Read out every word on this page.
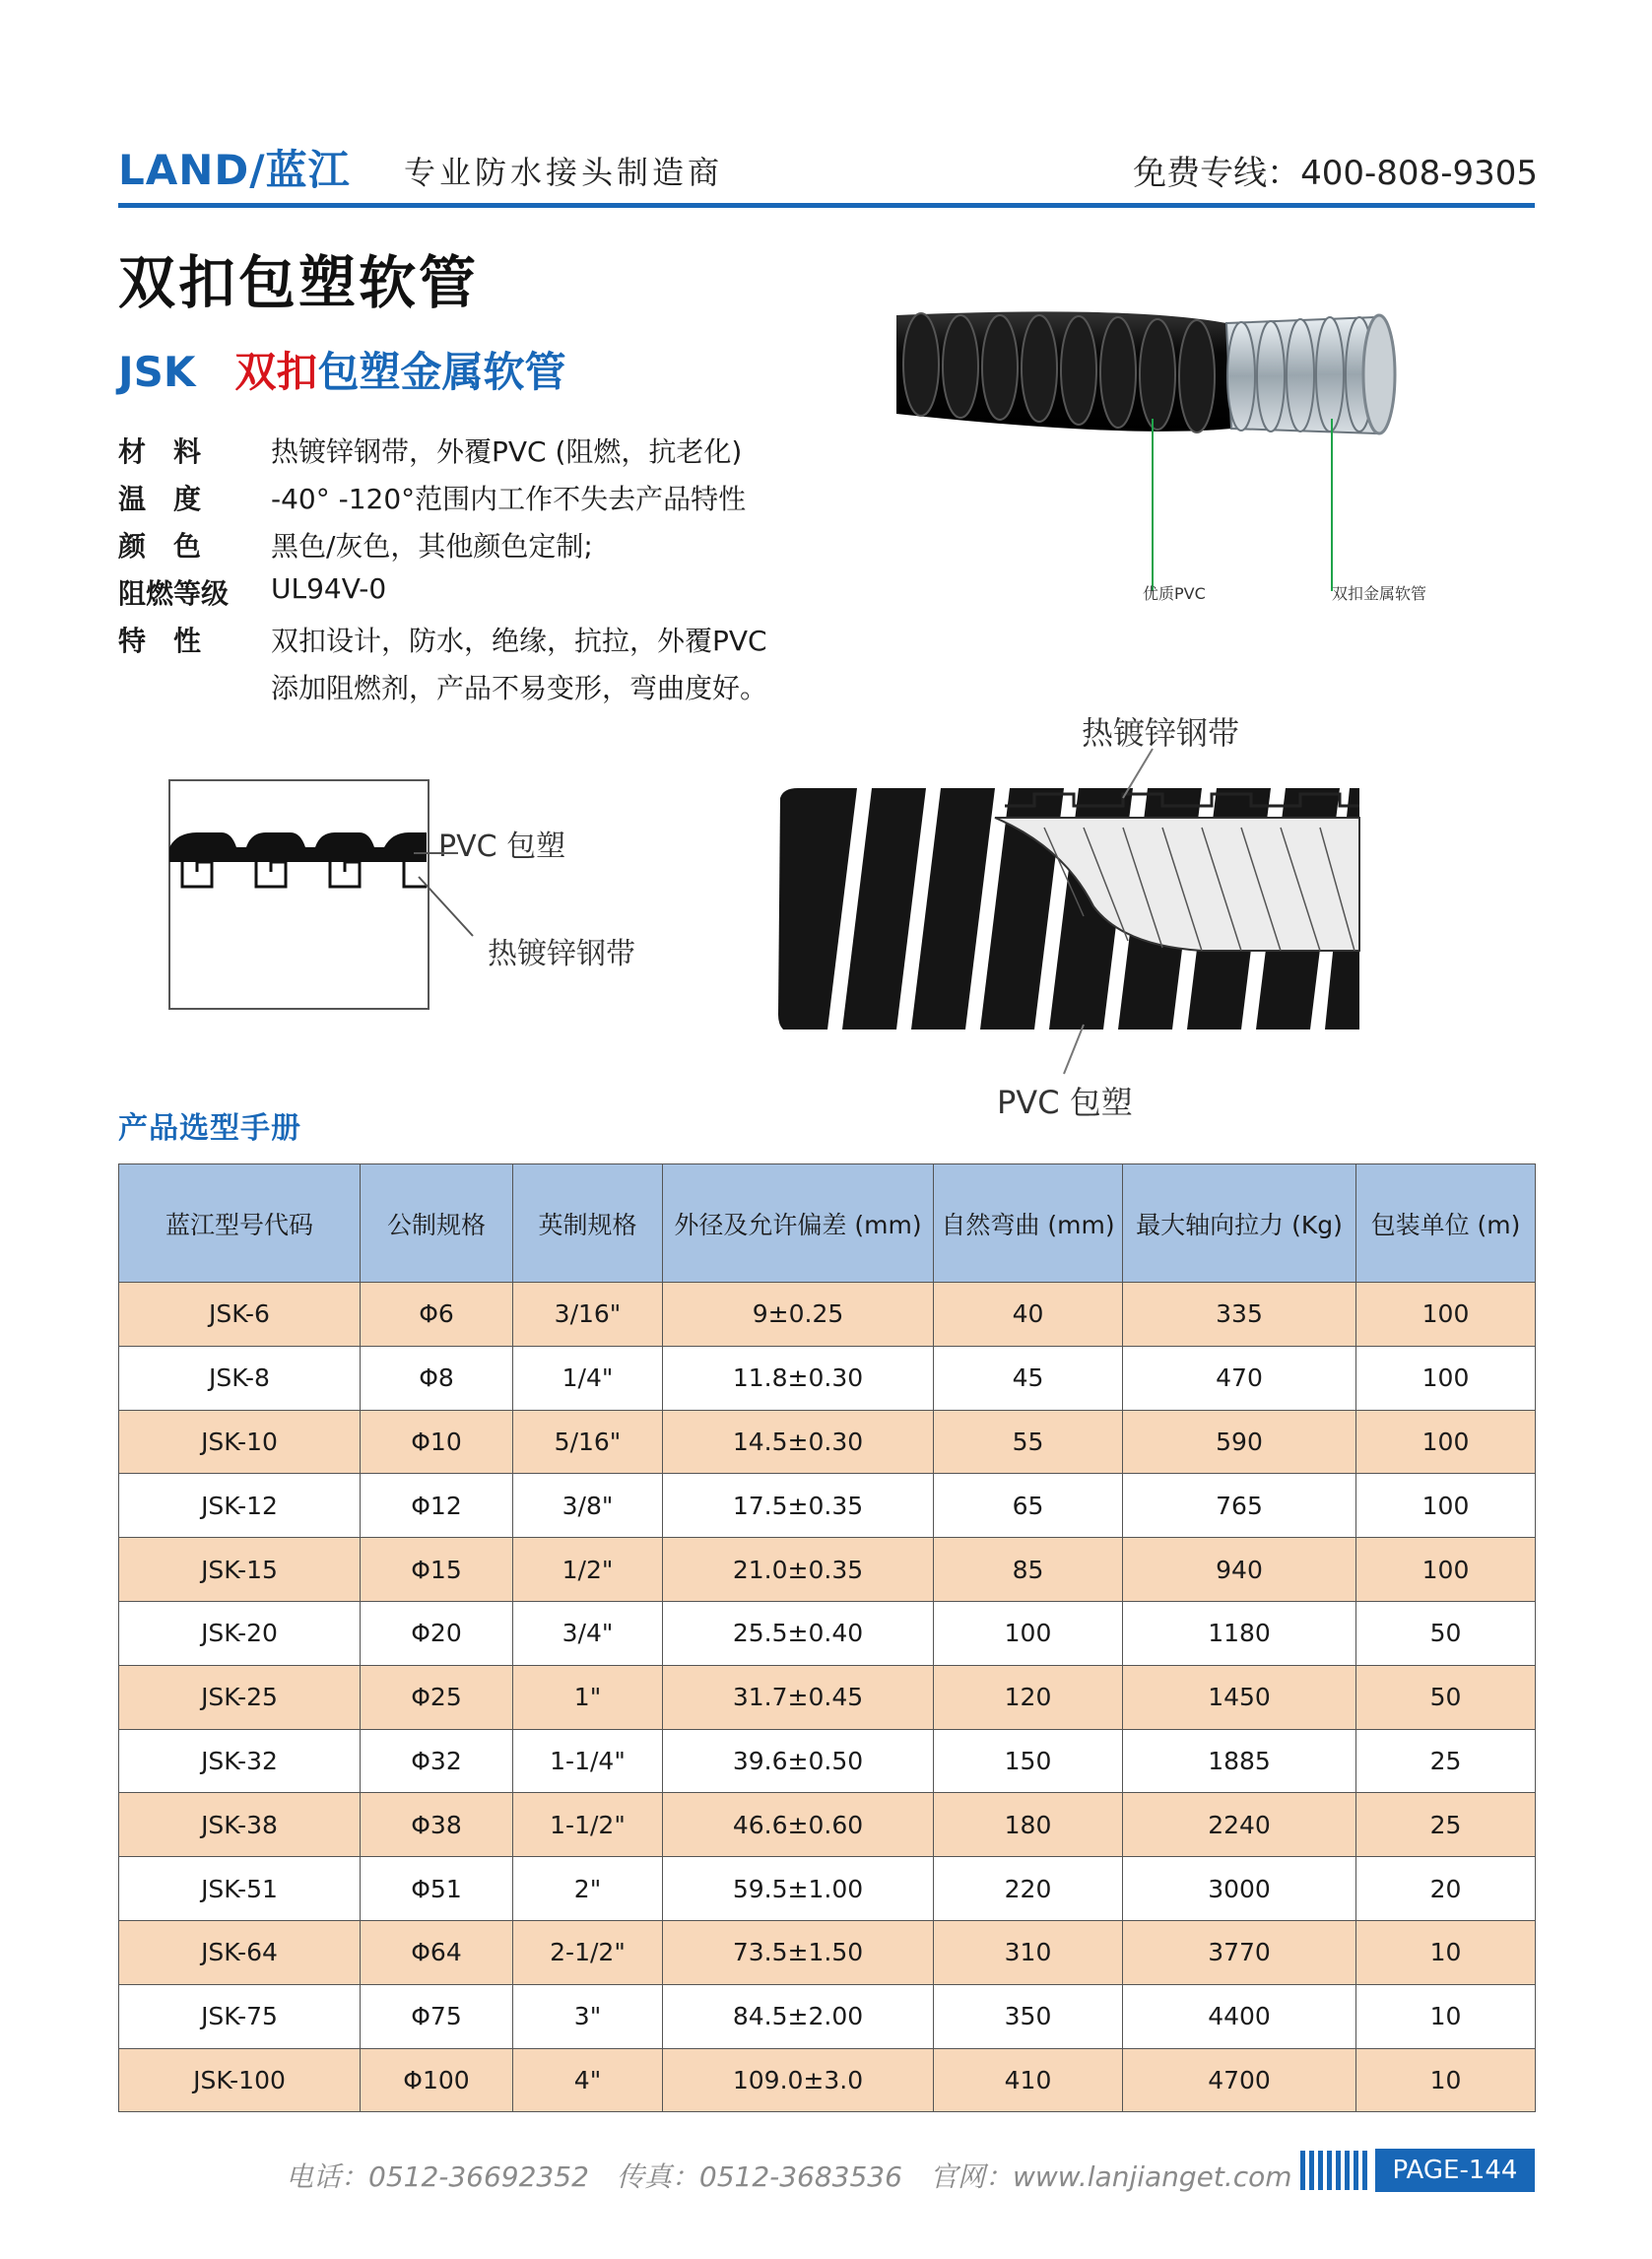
LAND/蓝江 专业防水接头制造商	免费专线：400-808-9305
双扣包塑软管
JSK 双扣包塑金属软管
材　料	热镀锌钢带，外覆PVC (阻燃，抗老化)
温　度	-40° -120°范围内工作不失去产品特性
颜　色	黑色/灰色，其他颜色定制;
阻燃等级 UL94V-0
特　性	双扣设计，防水，绝缘，抗拉，外覆PVC
添加阻燃剂，产品不易变形，弯曲度好。
优质PVC	双扣金属软管
PVC 包塑
热镀锌钢带
热镀锌钢带
PVC 包塑
产品选型手册
蓝江型号代码	公制规格	英制规格	外径及允许偏差 (mm)	自然弯曲 (mm)	最大轴向拉力 (Kg)	包装单位 (m)
JSK-6	Φ6	3/16"	9±0.25	40	335	100
JSK-8	Φ8	1/4"	11.8±0.30	45	470	100
JSK-10	Φ10	5/16"	14.5±0.30	55	590	100
JSK-12	Φ12	3/8"	17.5±0.35	65	765	100
JSK-15	Φ15	1/2"	21.0±0.35	85	940	100
JSK-20	Φ20	3/4"	25.5±0.40	100	1180	50
JSK-25	Φ25	1"	31.7±0.45	120	1450	50
JSK-32	Φ32	1-1/4"	39.6±0.50	150	1885	25
JSK-38	Φ38	1-1/2"	46.6±0.60	180	2240	25
JSK-51	Φ51	2"	59.5±1.00	220	3000	20
JSK-64	Φ64	2-1/2"	73.5±1.50	310	3770	10
JSK-75	Φ75	3"	84.5±2.00	350	4400	10
JSK-100	Φ100	4"	109.0±3.0	410	4700	10
电话：0512-36692352　传真：0512-3683536　官网：www.lanjianget.com	PAGE-144
